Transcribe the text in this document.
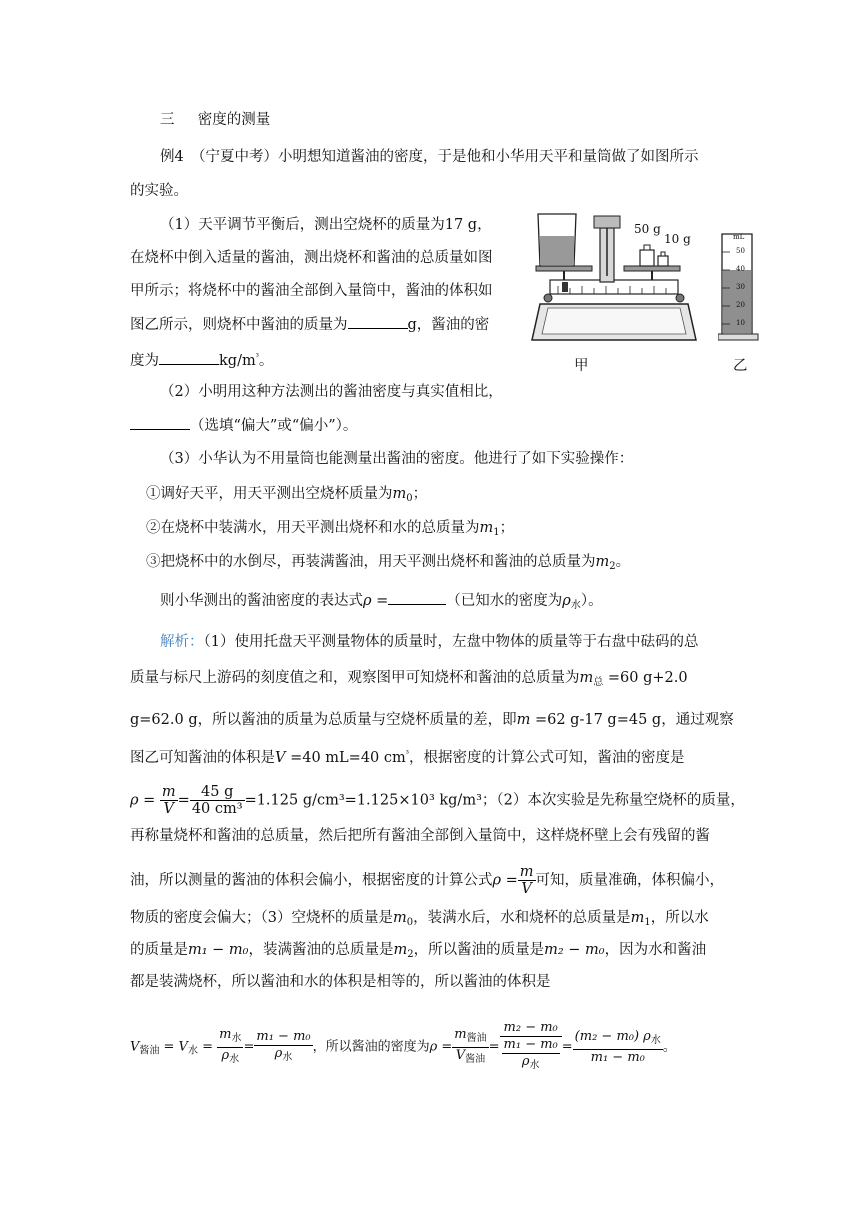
三 密度的测量
例4　（宁夏中考）小明想知道酱油的密度，于是他和小华用天平和量筒做了如图所示
的实验。
（1）天平调节平衡后，测出空烧杯的质量为17 g，
在烧杯中倒入适量的酱油，测出烧杯和酱油的总质量如图
甲所示；将烧杯中的酱油全部倒入量筒中，酱油的体积如
图乙所示，则烧杯中酱油的质量为	g，酱油的密
度为	$kg/m^{^3}$。
50 g
10 g
甲
mL
50
40
30
20
10
乙
（2）小明用这种方法测出的酱油密度与真实值相比，
（选填“偏大”或“偏小”）。
（3）小华认为不用量筒也能测量出酱油的密度。他进行了如下实验操作：
①调好天平，用天平测出空烧杯质量为$m_0$；
②在烧杯中装满水，用天平测出烧杯和水的总质量为$m_1$；
③把烧杯中的水倒尽，再装满酱油，用天平测出烧杯和酱油的总质量为$m_2$。
则小华测出的酱油密度的表达式ρ =	（已知水的密度为$\rho_水$）。
解析：（1）使用托盘天平测量物体的质量时，左盘中物体的质量等于右盘中砝码的总
质量与标尺上游码的刻度值之和，观察图甲可知烧杯和酱油的总质量为$m_总 =60$ g+2.0
g=62.0 g，所以酱油的质量为总质量与空烧杯质量的差，即m =62 g-17 g=45 g，通过观察
图乙可知酱油的体积是V =40 mL=40 $cm^{^3}$，根据密度的计算公式可知，酱油的密度是
$\rho = \frac{m}{V} = \frac{45 g}{\text{40 cm³}} =1.125$ g/cm³=1.125×10³ kg/m³；（2）本次实验是先称量空烧杯的质量，
再称量烧杯和酱油的总质量，然后把所有酱油全部倒入量筒中，这样烧杯壁上会有残留的酱
油，所以测量的酱油的体积会偏小，根据密度的计算公式$\rho = \frac{m}{V}$ 可知，质量准确，体积偏小，
物质的密度会偏大；（3）空烧杯的质量是$m_0$，装满水后，水和烧杯的总质量是$m_1$，所以水
的质量是m₁ − m₀，装满酱油的总质量是$m_2$，所以酱油的质量是m₂ − m₀，因为水和酱油
都是装满烧杯，所以酱油和水的体积是相等的，所以酱油的体积是
$V_{酱油} = V_水 = \frac{m_水}{\rho_水} = \frac{\text{m₁ − m₀}}{\rho_水}$ ，所以酱油的密度为$\rho = \frac{m_{酱油}}{V_{酱油}} = \frac{\text{m₂ − m₀}}{\frac{\text{m₁ − m₀}}{\rho_水}} = \frac{(m_2 - m_0) \rho_水}{\text{m₁ − m₀}}$ 。
